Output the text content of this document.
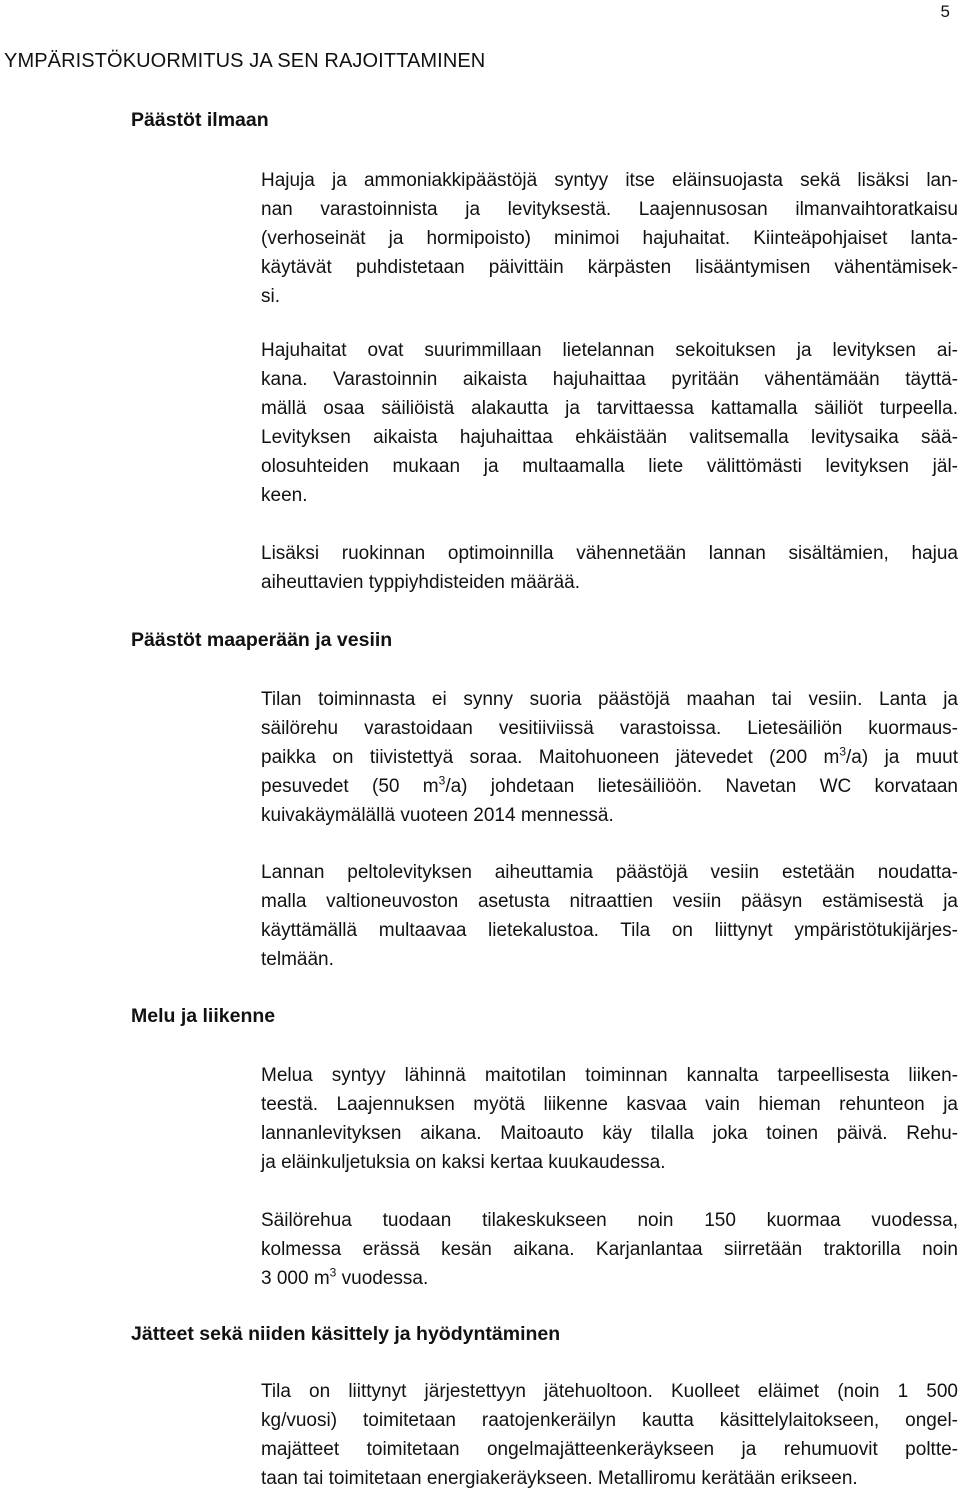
5
YMPÄRISTÖKUORMITUS JA SEN RAJOITTAMINEN
Päästöt ilmaan

Hajuja ja ammoniakkipäästöjä syntyy itse eläinsuojasta sekä lisäksi lan-
nan varastoinnista ja levityksestä. Laajennusosan ilmanvaihtoratkaisu
(verhoseinät ja hormipoisto) minimoi hajuhaitat. Kiinteäpohjaiset lanta-
käytävät puhdistetaan päivittäin kärpästen lisääntymisen vähentämisek-
si.

Hajuhaitat ovat suurimmillaan lietelannan sekoituksen ja levityksen ai-
kana. Varastoinnin aikaista hajuhaittaa pyritään vähentämään täyttä-
mällä osaa säiliöistä alakautta ja tarvittaessa kattamalla säiliöt turpeella.
Levityksen aikaista hajuhaittaa ehkäistään valitsemalla levitysaika sää-
olosuhteiden mukaan ja multaamalla liete välittömästi levityksen jäl-
keen.

Lisäksi ruokinnan optimoinnilla vähennetään lannan sisältämien, hajua
aiheuttavien typpiyhdisteiden määrää.

Päästöt maaperään ja vesiin

Tilan toiminnasta ei synny suoria päästöjä maahan tai vesiin. Lanta ja
säilörehu varastoidaan vesitiiviissä varastoissa. Lietesäiliön kuormaus-
paikka on tiivistettyä soraa. Maitohuoneen jätevedet (200 $m^3/a$) ja muut
pesuvedet (50 $m^3/a$) johdetaan lietesäiliöön. Navetan WC korvataan
kuivakäymälällä vuoteen 2014 mennessä.

Lannan peltolevityksen aiheuttamia päästöjä vesiin estetään noudatta-
malla valtioneuvoston asetusta nitraattien vesiin pääsyn estämisestä ja
käyttämällä multaavaa lietekalustoa. Tila on liittynyt ympäristötukijärjes-
telmään.

Melu ja liikenne

Melua syntyy lähinnä maitotilan toiminnan kannalta tarpeellisesta liiken-
teestä. Laajennuksen myötä liikenne kasvaa vain hieman rehunteon ja
lannanlevityksen aikana. Maitoauto käy tilalla joka toinen päivä. Rehu-
ja eläinkuljetuksia on kaksi kertaa kuukaudessa.

Säilörehua tuodaan tilakeskukseen noin 150 kuormaa vuodessa,
kolmessa erässä kesän aikana. Karjanlantaa siirretään traktorilla noin
3 000 $m^3$ vuodessa.

Jätteet sekä niiden käsittely ja hyödyntäminen

Tila on liittynyt järjestettyyn jätehuoltoon. Kuolleet eläimet (noin 1 500
kg/vuosi) toimitetaan raatojenkeräilyn kautta käsittelylaitokseen, ongel-
majätteet toimitetaan ongelmajätteenkeräykseen ja rehumuovit poltte-
taan tai toimitetaan energiakeräykseen. Metalliromu kerätään erikseen.
